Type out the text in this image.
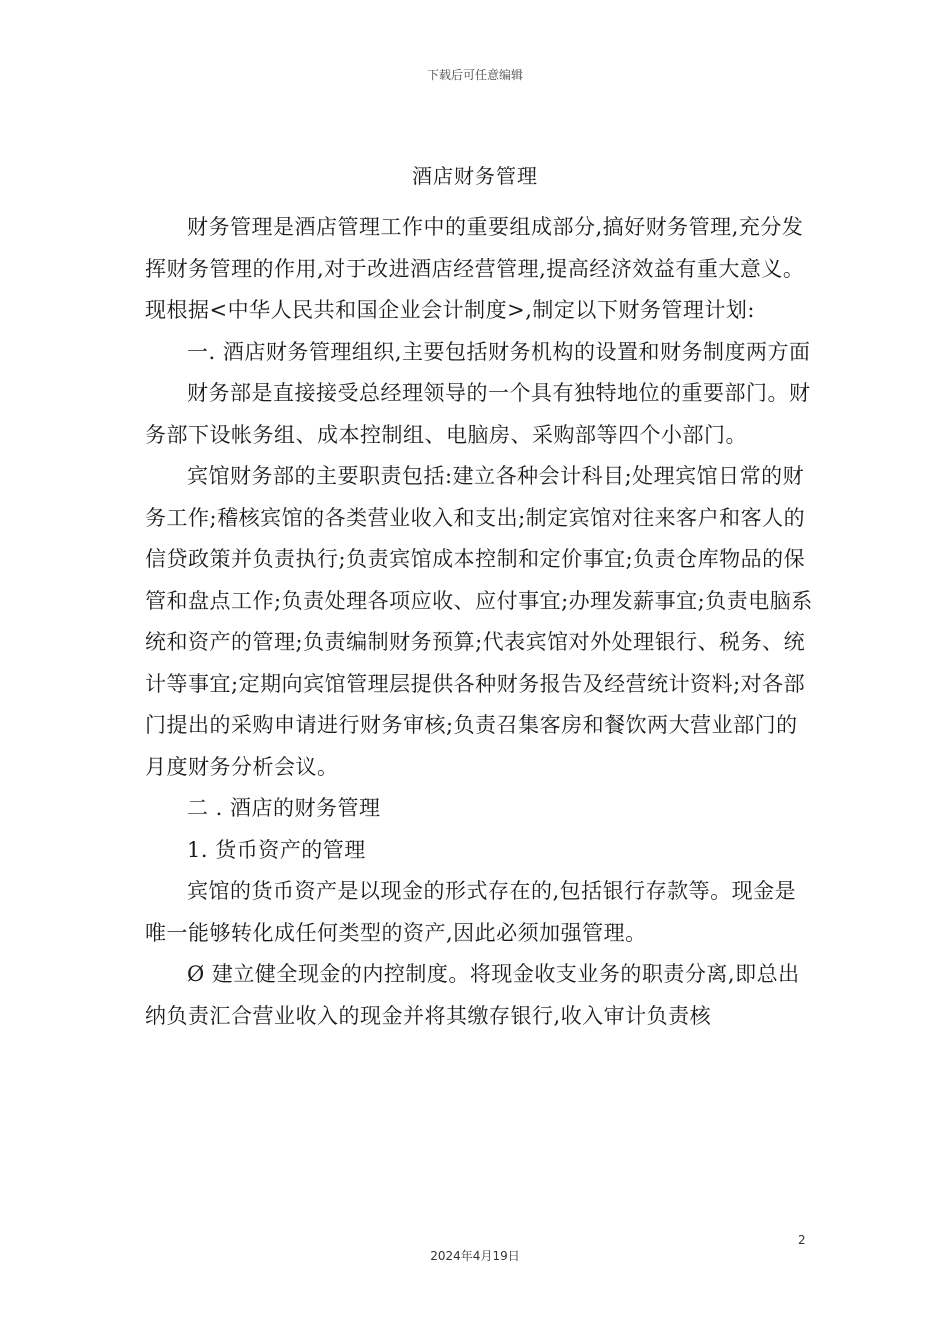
下载后可任意编辑
酒店财务管理

财务管理是酒店管理工作中的重要组成部分,搞好财务管理,充分发挥财务管理的作用,对于改进酒店经营管理,提高经济效益有重大意义。现根据<中华人民共和国企业会计制度>,制定以下财务管理计划:

一. 酒店财务管理组织,主要包括财务机构的设置和财务制度两方面

财务部是直接接受总经理领导的一个具有独特地位的重要部门。财务部下设帐务组、成本控制组、电脑房、采购部等四个小部门。

宾馆财务部的主要职责包括:建立各种会计科目;处理宾馆日常的财务工作;稽核宾馆的各类营业收入和支出;制定宾馆对往来客户和客人的信贷政策并负责执行;负责宾馆成本控制和定价事宜;负责仓库物品的保管和盘点工作;负责处理各项应收、应付事宜;办理发薪事宜;负责电脑系统和资产的管理;负责编制财务预算;代表宾馆对外处理银行、税务、统计等事宜;定期向宾馆管理层提供各种财务报告及经营统计资料;对各部门提出的采购申请进行财务审核;负责召集客房和餐饮两大营业部门的月度财务分析会议。

二 . 酒店的财务管理

1. 货币资产的管理

宾馆的货币资产是以现金的形式存在的,包括银行存款等。现金是唯一能够转化成任何类型的资产,因此必须加强管理。

Ø 建立健全现金的内控制度。将现金收支业务的职责分离,即总出纳负责汇合营业收入的现金并将其缴存银行,收入审计负责核

2
2024年4月19日
